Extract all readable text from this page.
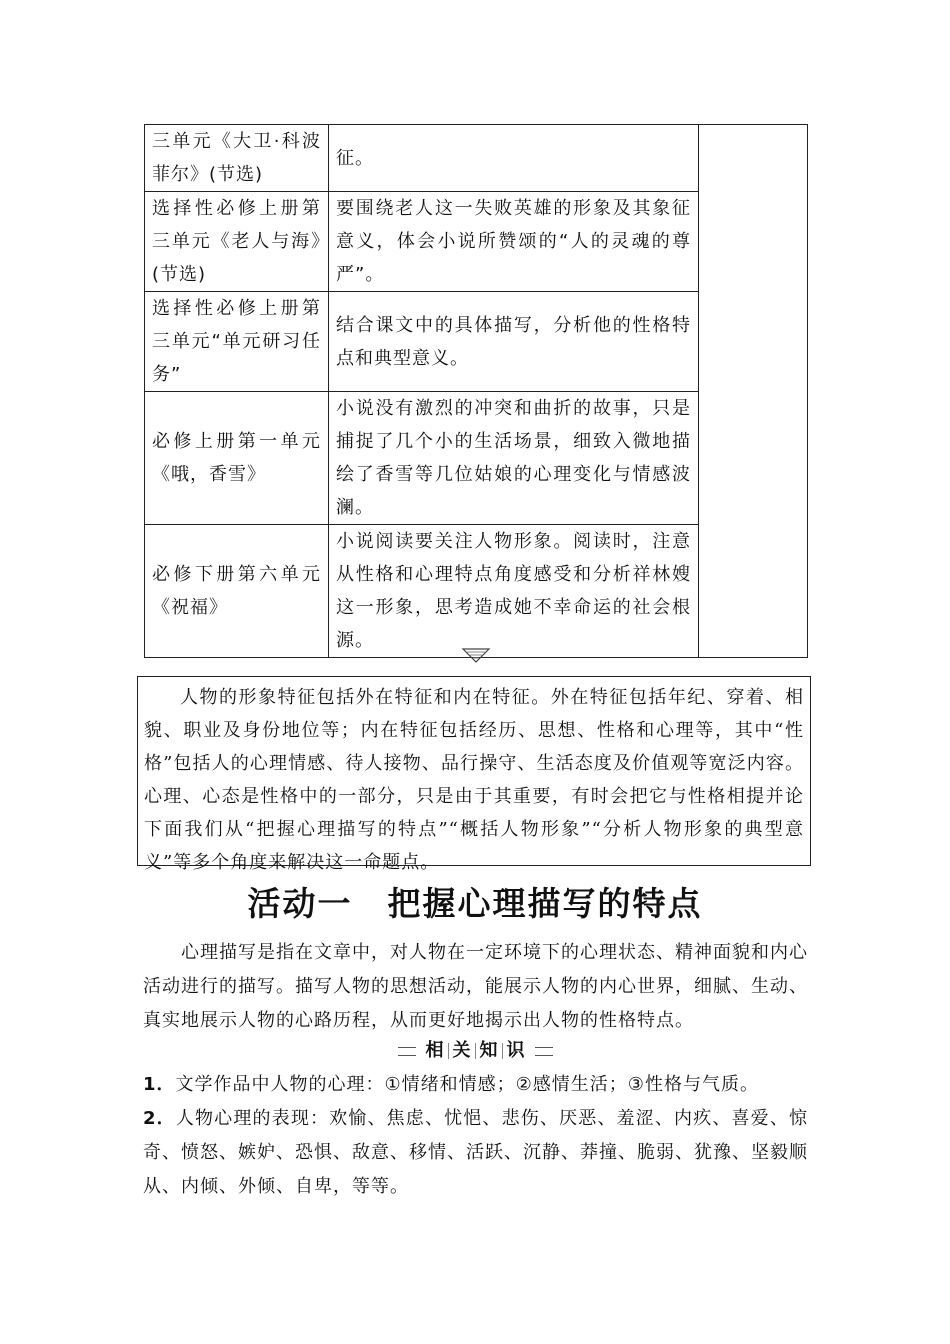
三单元《大卫·科波菲尔》(节选)	征。	
选择性必修上册第三单元《老人与海》(节选)	要围绕老人这一失败英雄的形象及其象征意义，体会小说所赞颂的“人的灵魂的尊严”。	
选择性必修上册第三单元“单元研习任务”	结合课文中的具体描写，分析他的性格特点和典型意义。	
必修上册第一单元《哦，香雪》	小说没有激烈的冲突和曲折的故事，只是捕捉了几个小的生活场景，细致入微地描绘了香雪等几位姑娘的心理变化与情感波澜。	
必修下册第六单元《祝福》	小说阅读要关注人物形象。阅读时，注意从性格和心理特点角度感受和分析祥林嫂这一形象，思考造成她不幸命运的社会根源。	

人物的形象特征包括外在特征和内在特征。外在特征包括年纪、穿着、相貌、职业及身份地位等；内在特征包括经历、思想、性格和心理等，其中“性格”包括人的心理情感、待人接物、品行操守、生活态度及价值观等宽泛内容。心理、心态是性格中的一部分，只是由于其重要，有时会把它与性格相提并论下面我们从“把握心理描写的特点”“概括人物形象”“分析人物形象的典型意义”等多个角度来解决这一命题点。

活动一　把握心理描写的特点

心理描写是指在文章中，对人物在一定环境下的心理状态、精神面貌和内心活动进行的描写。描写人物的思想活动，能展示人物的内心世界，细腻、生动、真实地展示人物的心路历程，从而更好地揭示出人物的性格特点。

相 关 知 识

1．文学作品中人物的心理：①情绪和情感；②感情生活；③性格与气质。

2．人物心理的表现：欢愉、焦虑、忧悒、悲伤、厌恶、羞涩、内疚、喜爱、惊奇、愤怒、嫉妒、恐惧、敌意、移情、活跃、沉静、莽撞、脆弱、犹豫、坚毅顺从、内倾、外倾、自卑，等等。
